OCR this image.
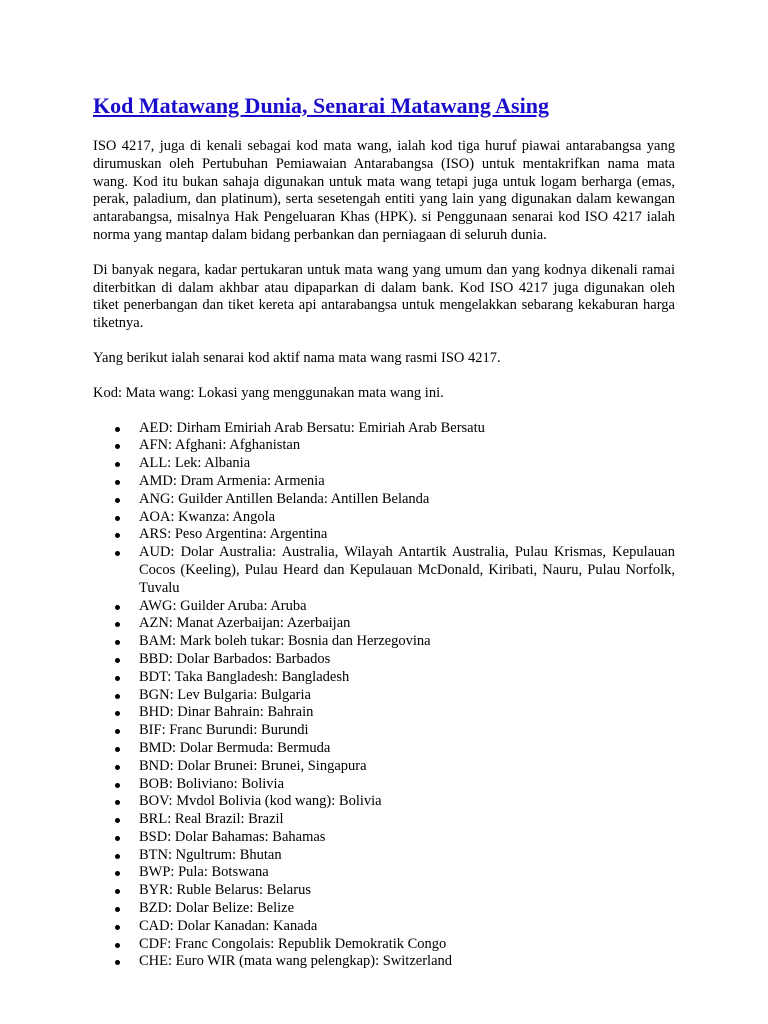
Kod Matawang Dunia, Senarai Matawang Asing

ISO 4217, juga di kenali sebagai kod mata wang, ialah kod tiga huruf piawai antarabangsa yang dirumuskan oleh Pertubuhan Pemiawaian Antarabangsa (ISO) untuk mentakrifkan nama mata wang. Kod itu bukan sahaja digunakan untuk mata wang tetapi juga untuk logam berharga (emas, perak, paladium, dan platinum), serta sesetengah entiti yang lain yang digunakan dalam kewangan antarabangsa, misalnya Hak Pengeluaran Khas (HPK). si Penggunaan senarai kod ISO 4217 ialah norma yang mantap dalam bidang perbankan dan perniagaan di seluruh dunia.

Di banyak negara, kadar pertukaran untuk mata wang yang umum dan yang kodnya dikenali ramai diterbitkan di dalam akhbar atau dipaparkan di dalam bank. Kod ISO 4217 juga digunakan oleh tiket penerbangan dan tiket kereta api antarabangsa untuk mengelakkan sebarang kekaburan harga tiketnya.

Yang berikut ialah senarai kod aktif nama mata wang rasmi ISO 4217.

Kod: Mata wang: Lokasi yang menggunakan mata wang ini.

AED: Dirham Emiriah Arab Bersatu: Emiriah Arab Bersatu
AFN: Afghani: Afghanistan
ALL: Lek: Albania
AMD: Dram Armenia: Armenia
ANG: Guilder Antillen Belanda: Antillen Belanda
AOA: Kwanza: Angola
ARS: Peso Argentina: Argentina
AUD: Dolar Australia: Australia, Wilayah Antartik Australia, Pulau Krismas, Kepulauan Cocos (Keeling), Pulau Heard dan Kepulauan McDonald, Kiribati, Nauru, Pulau Norfolk, Tuvalu
AWG: Guilder Aruba: Aruba
AZN: Manat Azerbaijan: Azerbaijan
BAM: Mark boleh tukar: Bosnia dan Herzegovina
BBD: Dolar Barbados: Barbados
BDT: Taka Bangladesh: Bangladesh
BGN: Lev Bulgaria: Bulgaria
BHD: Dinar Bahrain: Bahrain
BIF: Franc Burundi: Burundi
BMD: Dolar Bermuda: Bermuda
BND: Dolar Brunei: Brunei, Singapura
BOB: Boliviano: Bolivia
BOV: Mvdol Bolivia (kod wang): Bolivia
BRL: Real Brazil: Brazil
BSD: Dolar Bahamas: Bahamas
BTN: Ngultrum: Bhutan
BWP: Pula: Botswana
BYR: Ruble Belarus: Belarus
BZD: Dolar Belize: Belize
CAD: Dolar Kanadan: Kanada
CDF: Franc Congolais: Republik Demokratik Congo
CHE: Euro WIR (mata wang pelengkap): Switzerland
